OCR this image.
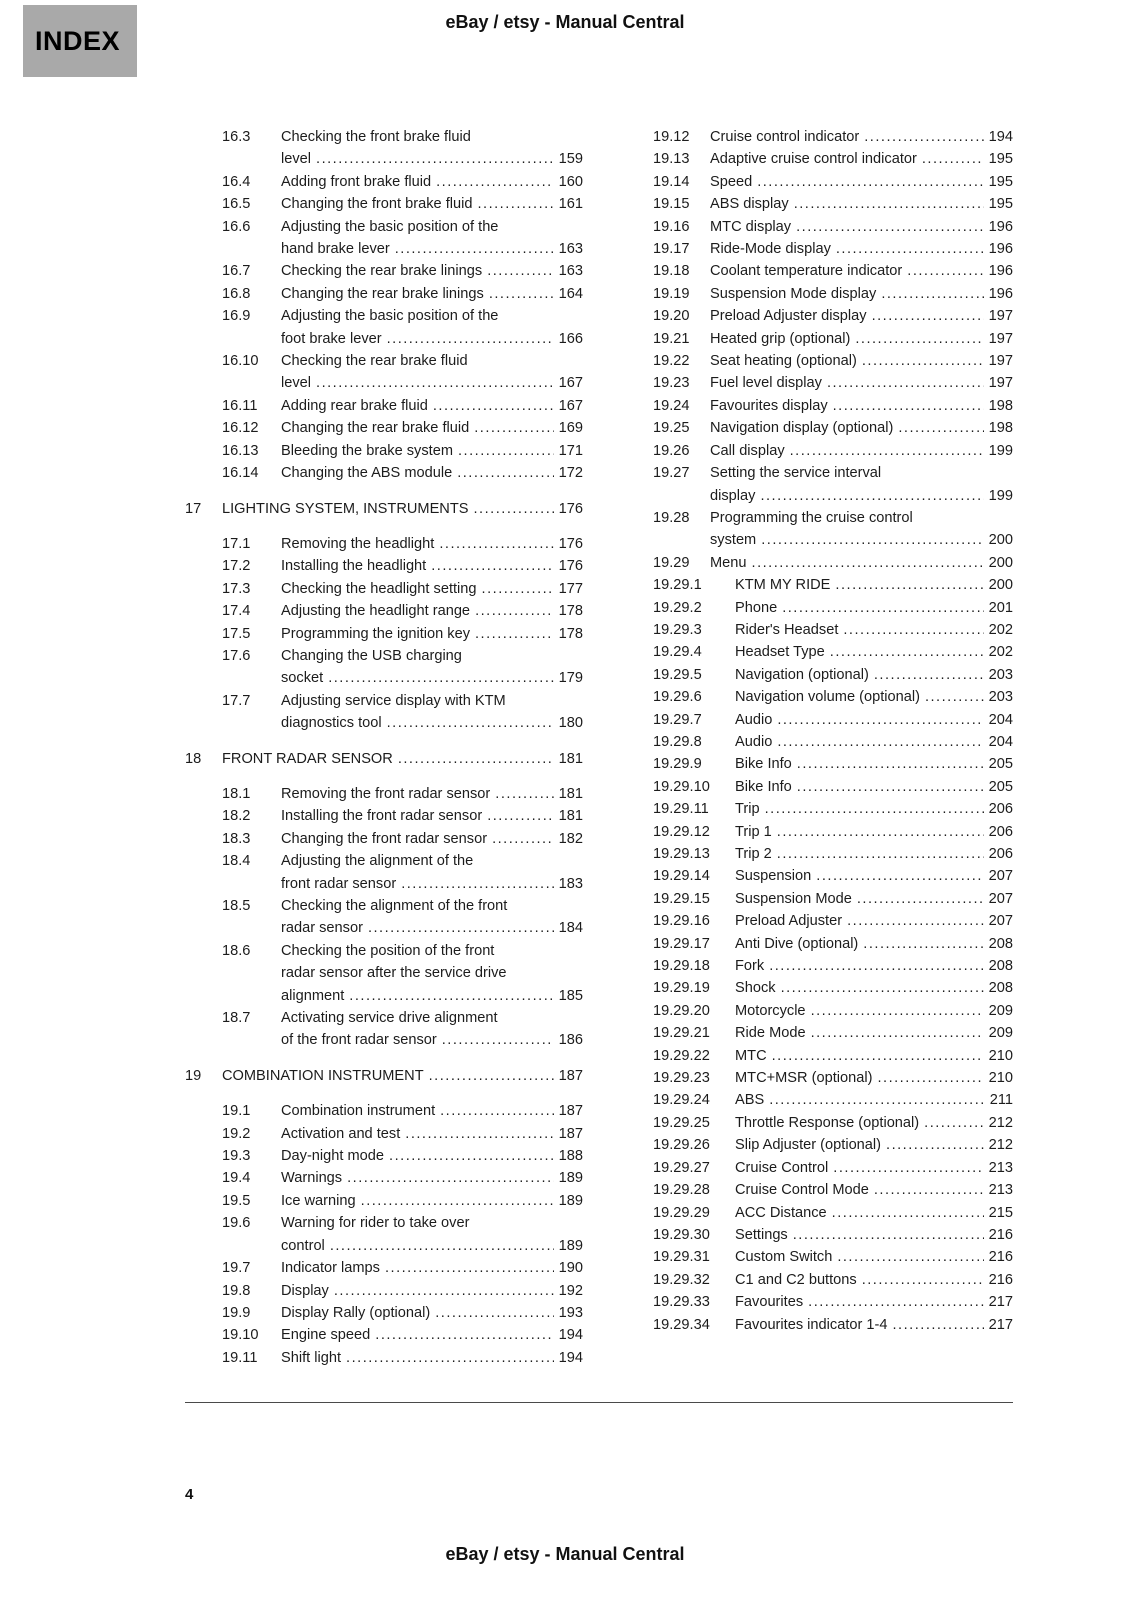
INDEX
eBay / etsy - Manual Central
16.3	Checking the front brake fluid
level .....	159
16.4	Adding front brake fluid .....	160
16.5	Changing the front brake fluid .....	161
16.6	Adjusting the basic position of the
hand brake lever .....	163
16.7	Checking the rear brake linings .....	163
16.8	Changing the rear brake linings .....	164
16.9	Adjusting the basic position of the
foot brake lever .....	166
16.10	Checking the rear brake fluid
level .....	167
16.11	Adding rear brake fluid .....	167
16.12	Changing the rear brake fluid .....	169
16.13	Bleeding the brake system .....	171
16.14	Changing the ABS module .....	172
17	LIGHTING SYSTEM, INSTRUMENTS .....	176
17.1	Removing the headlight .....	176
17.2	Installing the headlight .....	176
17.3	Checking the headlight setting .....	177
17.4	Adjusting the headlight range .....	178
17.5	Programming the ignition key .....	178
17.6	Changing the USB charging
socket .....	179
17.7	Adjusting service display with KTM
diagnostics tool .....	180
18	FRONT RADAR SENSOR .....	181
18.1	Removing the front radar sensor .....	181
18.2	Installing the front radar sensor .....	181
18.3	Changing the front radar sensor .....	182
18.4	Adjusting the alignment of the
front radar sensor .....	183
18.5	Checking the alignment of the front
radar sensor .....	184
18.6	Checking the position of the front
radar sensor after the service drive
alignment .....	185
18.7	Activating service drive alignment
of the front radar sensor .....	186
19	COMBINATION INSTRUMENT .....	187
19.1	Combination instrument .....	187
19.2	Activation and test .....	187
19.3	Day-night mode .....	188
19.4	Warnings .....	189
19.5	Ice warning .....	189
19.6	Warning for rider to take over
control .....	189
19.7	Indicator lamps .....	190
19.8	Display .....	192
19.9	Display Rally (optional) .....	193
19.10	Engine speed .....	194
19.11	Shift light .....	194
19.12	Cruise control indicator .....	194
19.13	Adaptive cruise control indicator .....	195
19.14	Speed .....	195
19.15	ABS display .....	195
19.16	MTC display .....	196
19.17	Ride-Mode display .....	196
19.18	Coolant temperature indicator .....	196
19.19	Suspension Mode display .....	196
19.20	Preload Adjuster display .....	197
19.21	Heated grip (optional) .....	197
19.22	Seat heating (optional) .....	197
19.23	Fuel level display .....	197
19.24	Favourites display .....	198
19.25	Navigation display (optional) .....	198
19.26	Call display .....	199
19.27	Setting the service interval
display .....	199
19.28	Programming the cruise control
system .....	200
19.29	Menu .....	200
19.29.1	KTM MY RIDE .....	200
19.29.2	Phone .....	201
19.29.3	Rider's Headset .....	202
19.29.4	Headset Type .....	202
19.29.5	Navigation (optional) .....	203
19.29.6	Navigation volume (optional) .....	203
19.29.7	Audio .....	204
19.29.8	Audio .....	204
19.29.9	Bike Info .....	205
19.29.10	Bike Info .....	205
19.29.11	Trip .....	206
19.29.12	Trip 1 .....	206
19.29.13	Trip 2 .....	206
19.29.14	Suspension .....	207
19.29.15	Suspension Mode .....	207
19.29.16	Preload Adjuster .....	207
19.29.17	Anti Dive (optional) .....	208
19.29.18	Fork .....	208
19.29.19	Shock .....	208
19.29.20	Motorcycle .....	209
19.29.21	Ride Mode .....	209
19.29.22	MTC .....	210
19.29.23	MTC+MSR (optional) .....	210
19.29.24	ABS .....	211
19.29.25	Throttle Response (optional) .....	212
19.29.26	Slip Adjuster (optional) .....	212
19.29.27	Cruise Control .....	213
19.29.28	Cruise Control Mode .....	213
19.29.29	ACC Distance .....	215
19.29.30	Settings .....	216
19.29.31	Custom Switch .....	216
19.29.32	C1 and C2 buttons .....	216
19.29.33	Favourites .....	217
19.29.34	Favourites indicator 1-4 .....	217
4
eBay / etsy - Manual Central
